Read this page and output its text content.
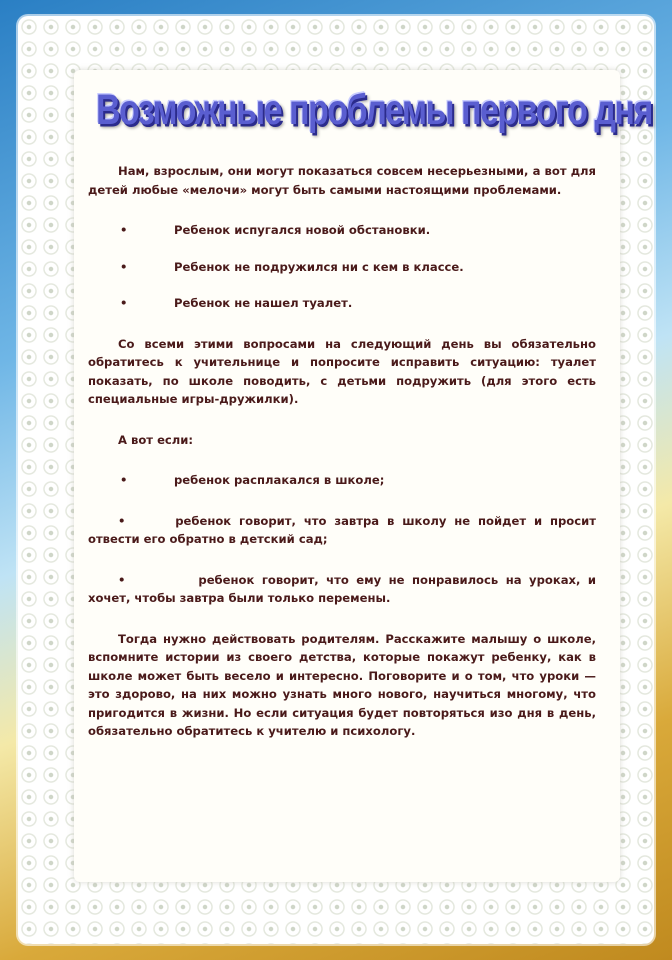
Возможные проблемы первого дня

Нам, взрослым, они могут показаться совсем несерьезными, а вот для детей любые «мелочи» могут быть самыми настоящими проблемами.

•	Ребенок испугался новой обстановки.

•	Ребенок не подружился ни с кем в классе.

•	Ребенок не нашел туалет.

Со всеми этими вопросами на следующий день вы обязательно обратитесь к учительнице и попросите исправить ситуацию: туалет показать, по школе поводить, с детьми подружить (для этого есть специальные игры-дружилки).

А вот если:

•	ребенок расплакался в школе;

•	ребенок говорит, что завтра в школу не пойдет и просит отвести его обратно в детский сад;

•	ребенок говорит, что ему не понравилось на уроках, и хочет, чтобы завтра были только перемены.

Тогда нужно действовать родителям. Расскажите малышу о школе, вспомните истории из своего детства, которые покажут ребенку, как в школе может быть весело и интересно. Поговорите и о том, что уроки — это здорово, на них можно узнать много нового, научиться многому, что пригодится в жизни. Но если ситуация будет повторяться изо дня в день, обязательно обратитесь к учителю и психологу.
